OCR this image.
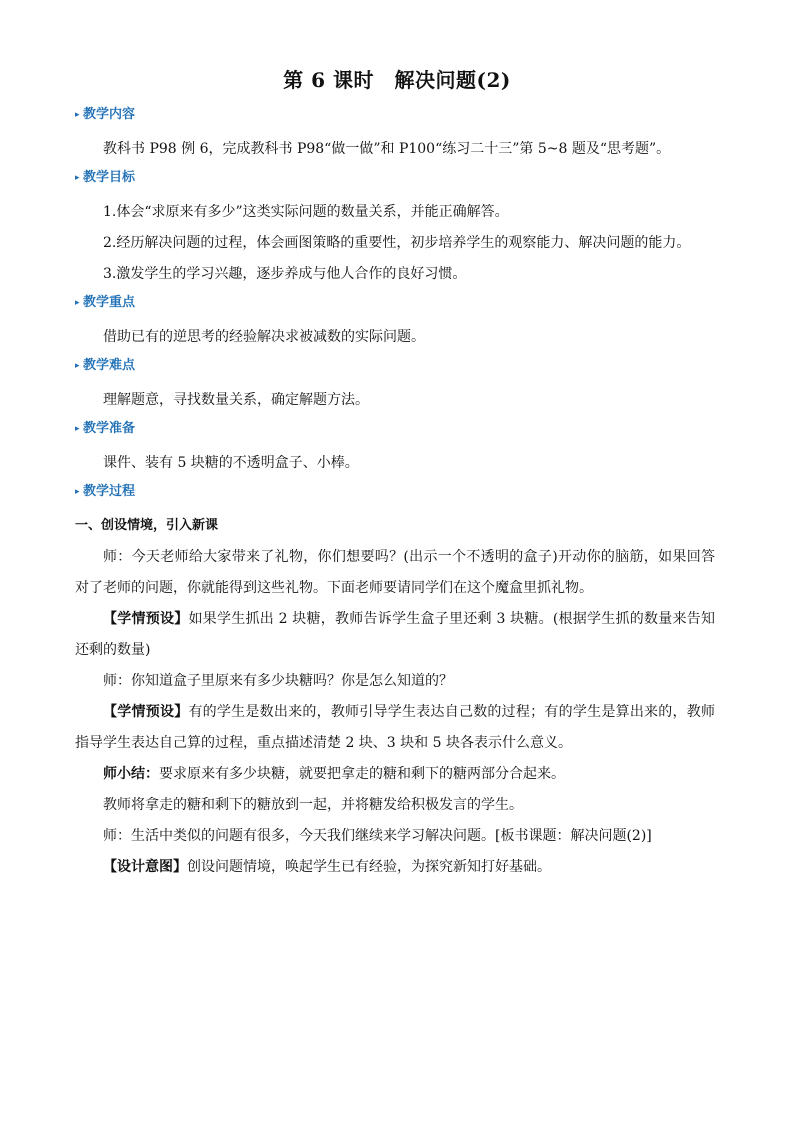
第 6 课时　解决问题(2)
▸ 教学内容
教科书 P98 例 6，完成教科书 P98“做一做”和 P100“练习二十三”第 5~8 题及“思考题”。
▸ 教学目标
1.体会“求原来有多少”这类实际问题的数量关系，并能正确解答。
2.经历解决问题的过程，体会画图策略的重要性，初步培养学生的观察能力、解决问题的能力。
3.激发学生的学习兴趣，逐步养成与他人合作的良好习惯。
▸ 教学重点
借助已有的逆思考的经验解决求被减数的实际问题。
▸ 教学难点
理解题意，寻找数量关系，确定解题方法。
▸ 教学准备
课件、装有 5 块糖的不透明盒子、小棒。
▸ 教学过程
一、创设情境，引入新课
师：今天老师给大家带来了礼物，你们想要吗？(出示一个不透明的盒子)开动你的脑筋，如果回答对了老师的问题，你就能得到这些礼物。下面老师要请同学们在这个魔盒里抓礼物。
【学情预设】如果学生抓出 2 块糖，教师告诉学生盒子里还剩 3 块糖。(根据学生抓的数量来告知还剩的数量)
师：你知道盒子里原来有多少块糖吗？你是怎么知道的？
【学情预设】有的学生是数出来的，教师引导学生表达自己数的过程；有的学生是算出来的，教师指导学生表达自己算的过程，重点描述清楚 2 块、3 块和 5 块各表示什么意义。
师小结：要求原来有多少块糖，就要把拿走的糖和剩下的糖两部分合起来。
教师将拿走的糖和剩下的糖放到一起，并将糖发给积极发言的学生。
师：生活中类似的问题有很多，今天我们继续来学习解决问题。[板书课题：解决问题(2)]
【设计意图】创设问题情境，唤起学生已有经验，为探究新知打好基础。
